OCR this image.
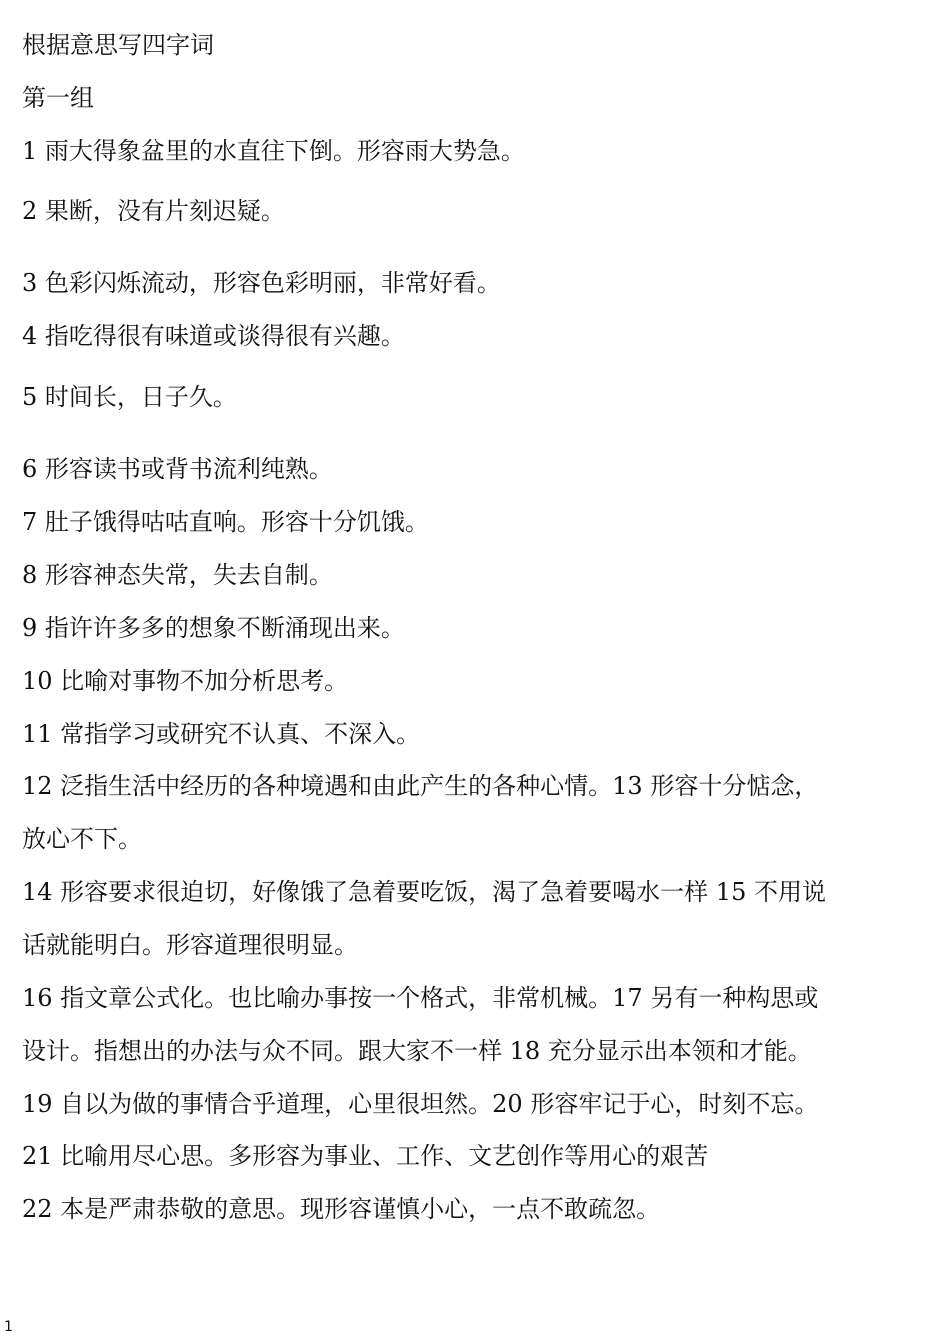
根据意思写四字词
第一组
1 雨大得象盆里的水直往下倒。形容雨大势急。
2 果断，没有片刻迟疑。
3 色彩闪烁流动，形容色彩明丽，非常好看。
4 指吃得很有味道或谈得很有兴趣。
5 时间长，日子久。
6 形容读书或背书流利纯熟。
7 肚子饿得咕咕直响。形容十分饥饿。
8 形容神态失常，失去自制。
9 指许许多多的想象不断涌现出来。
10 比喻对事物不加分析思考。
11 常指学习或研究不认真、不深入。
12 泛指生活中经历的各种境遇和由此产生的各种心情。13 形容十分惦念，
放心不下。
14 形容要求很迫切，好像饿了急着要吃饭，渴了急着要喝水一样 15 不用说
话就能明白。形容道理很明显。
16 指文章公式化。也比喻办事按一个格式，非常机械。17 另有一种构思或
设计。指想出的办法与众不同。跟大家不一样 18 充分显示出本领和才能。
19 自以为做的事情合乎道理，心里很坦然。20 形容牢记于心，时刻不忘。
21 比喻用尽心思。多形容为事业、工作、文艺创作等用心的艰苦
22 本是严肃恭敬的意思。现形容谨慎小心，一点不敢疏忽。
1
